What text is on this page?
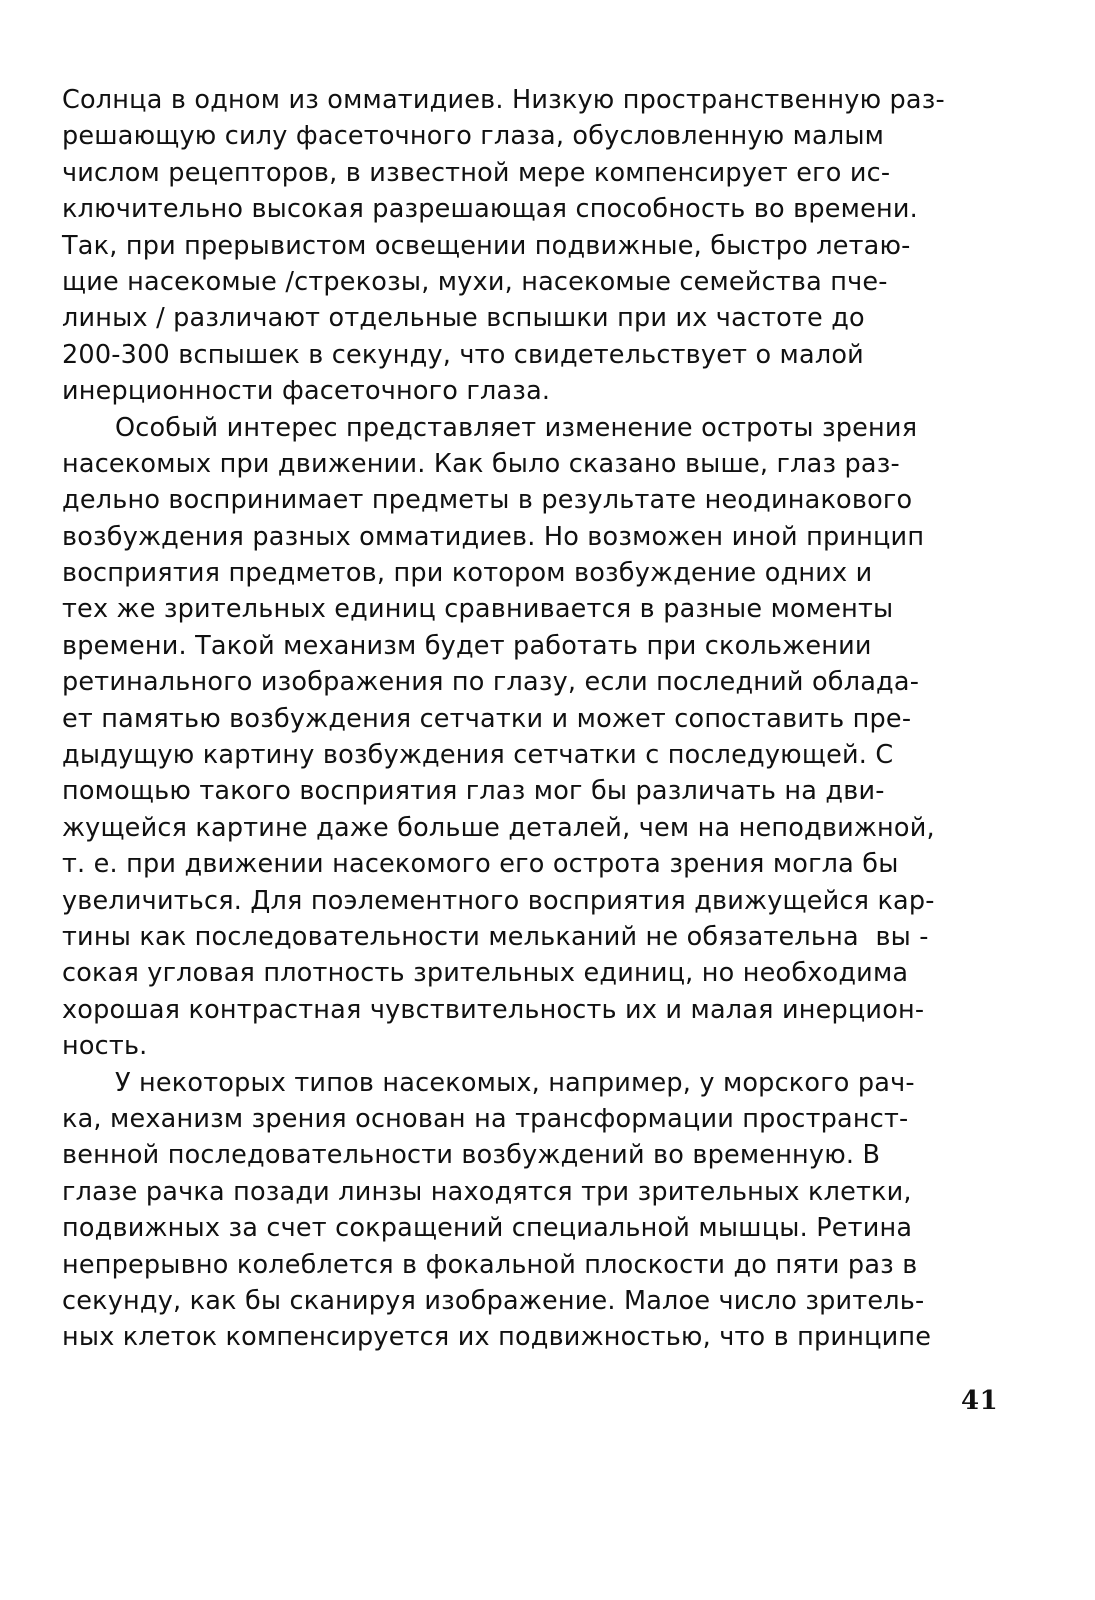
Солнца в одном из омматидиев. Низкую пространственную раз-
решающую силу фасеточного глаза, обусловленную малым
числом рецепторов, в известной мере компенсирует его ис-
ключительно высокая разрешающая способность во времени.
Так, при прерывистом освещении подвижные, быстро летаю-
щие насекомые /стрекозы, мухи, насекомые семейства пче-
линых / различают отдельные вспышки при их частоте до
200-300 вспышек в секунду, что свидетельствует о малой
инерционности фасеточного глаза.
Особый интерес представляет изменение остроты зрения
насекомых при движении. Как было сказано выше, глаз раз-
дельно воспринимает предметы в результате неодинакового
возбуждения разных омматидиев. Но возможен иной принцип
восприятия предметов, при котором возбуждение одних и
тех же зрительных единиц сравнивается в разные моменты
времени. Такой механизм будет работать при скольжении
ретинального изображения по глазу, если последний облада-
ет памятью возбуждения сетчатки и может сопоставить пре-
дыдущую картину возбуждения сетчатки с последующей. С
помощью такого восприятия глаз мог бы различать на дви-
жущейся картине даже больше деталей, чем на неподвижной,
т. е. при движении насекомого его острота зрения могла бы
увеличиться. Для поэлементного восприятия движущейся кар-
тины как последовательности мельканий не обязательна  вы -
сокая угловая плотность зрительных единиц, но необходима
хорошая контрастная чувствительность их и малая инерцион-
ность.
У некоторых типов насекомых, например, у морского рач-
ка, механизм зрения основан на трансформации пространст-
венной последовательности возбуждений во временную. В
глазе рачка позади линзы находятся три зрительных клетки,
подвижных за счет сокращений специальной мышцы. Ретина
непрерывно колеблется в фокальной плоскости до пяти раз в
секунду, как бы сканируя изображение. Малое число зритель-
ных клеток компенсируется их подвижностью, что в принципе
41
